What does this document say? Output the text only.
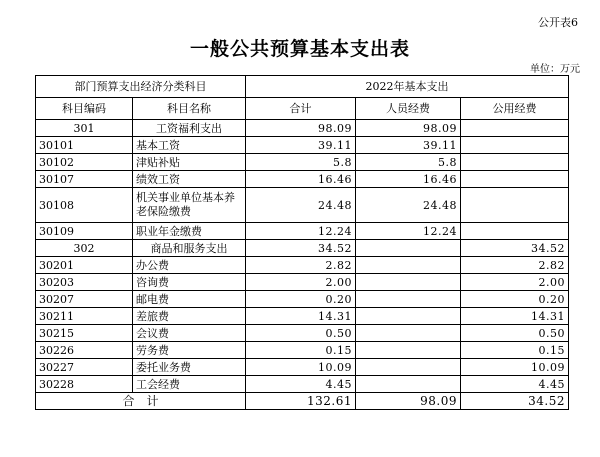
公开表6
一般公共预算基本支出表
单位：万元
部门预算支出经济分类科目		2022年基本支出		
科目编码	科目名称	合计	人员经费	公用经费
301	工资福利支出	98.09	98.09	
30101	基本工资	39.11	39.11	
30102	津贴补贴	5.8	5.8	
30107	绩效工资	16.46	16.46	
30108	机关事业单位基本养老保险缴费	24.48	24.48	
30109	职业年金缴费	12.24	12.24	
302	商品和服务支出	34.52		34.52
30201	办公费	2.82		2.82
30203	咨询费	2.00		2.00
30207	邮电费	0.20		0.20
30211	差旅费	14.31		14.31
30215	会议费	0.50		0.50
30226	劳务费	0.15		0.15
30227	委托业务费	10.09		10.09
30228	工会经费	4.45		4.45
合　计		132.61	98.09	34.52
